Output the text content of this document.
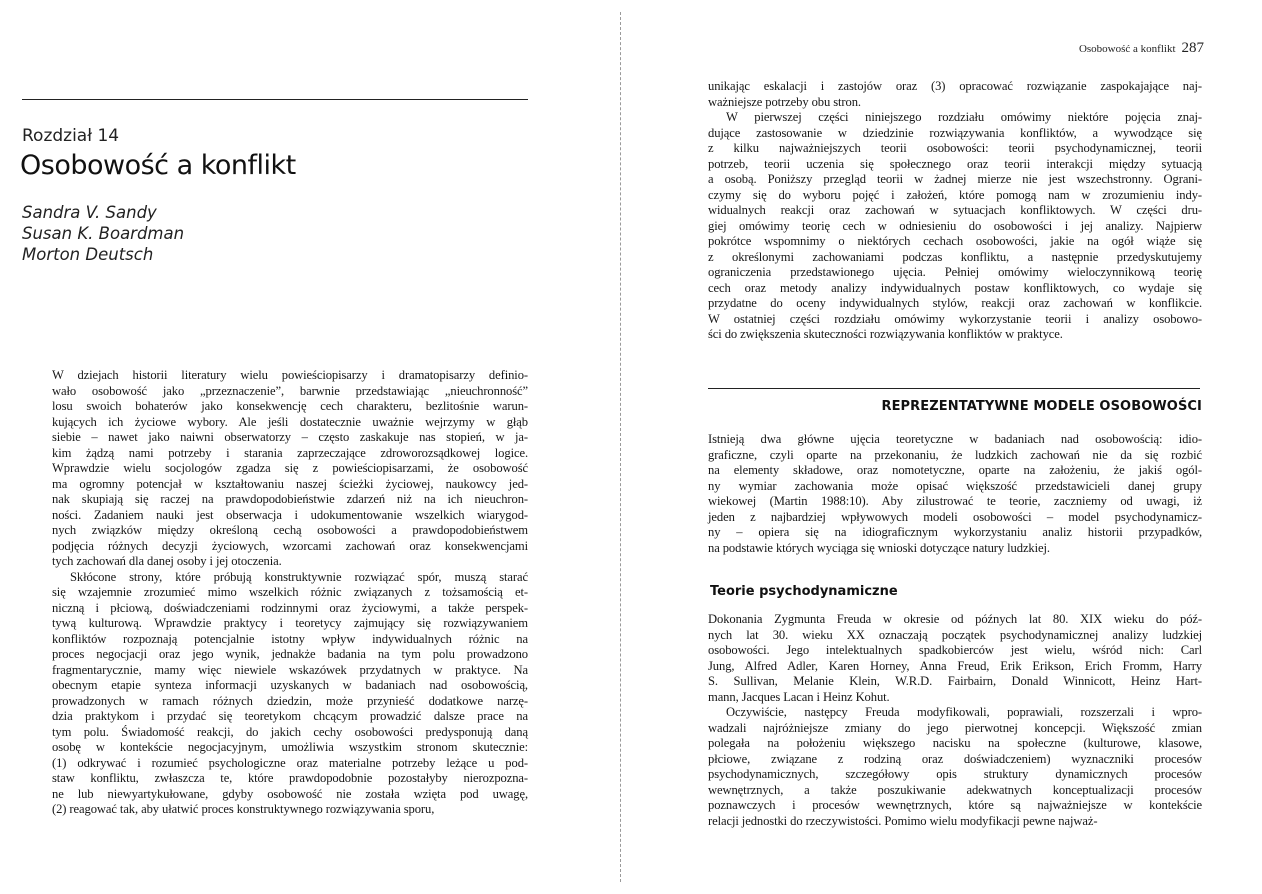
Rozdział 14
Osobowość a konflikt
Sandra V. Sandy
Susan K. Boardman
Morton Deutsch
W dziejach historii literatury wielu powieściopisarzy i dramatopisarzy definio-
wało osobowość jako „przeznaczenie”, barwnie przedstawiając „nieuchronność”
losu swoich bohaterów jako konsekwencję cech charakteru, bezlitośnie warun-
kujących ich życiowe wybory. Ale jeśli dostatecznie uważnie wejrzymy w głąb
siebie – nawet jako naiwni obserwatorzy – często zaskakuje nas stopień, w ja-
kim żądzą nami potrzeby i starania zaprzeczające zdroworozsądkowej logice.
Wprawdzie wielu socjologów zgadza się z powieściopisarzami, że osobowość
ma ogromny potencjał w kształtowaniu naszej ścieżki życiowej, naukowcy jed-
nak skupiają się raczej na prawdopodobieństwie zdarzeń niż na ich nieuchron-
ności. Zadaniem nauki jest obserwacja i udokumentowanie wszelkich wiarygod-
nych związków między określoną cechą osobowości a prawdopodobieństwem
podjęcia różnych decyzji życiowych, wzorcami zachowań oraz konsekwencjami
tych zachowań dla danej osoby i jej otoczenia.
Skłócone strony, które próbują konstruktywnie rozwiązać spór, muszą starać
się wzajemnie zrozumieć mimo wszelkich różnic związanych z tożsamością et-
niczną i płciową, doświadczeniami rodzinnymi oraz życiowymi, a także perspek-
tywą kulturową. Wprawdzie praktycy i teoretycy zajmujący się rozwiązywaniem
konfliktów rozpoznają potencjalnie istotny wpływ indywidualnych różnic na
proces negocjacji oraz jego wynik, jednakże badania na tym polu prowadzono
fragmentarycznie, mamy więc niewiele wskazówek przydatnych w praktyce. Na
obecnym etapie synteza informacji uzyskanych w badaniach nad osobowością,
prowadzonych w ramach różnych dziedzin, może przynieść dodatkowe narzę-
dzia praktykom i przydać się teoretykom chcącym prowadzić dalsze prace na
tym polu. Świadomość reakcji, do jakich cechy osobowości predysponują daną
osobę w kontekście negocjacyjnym, umożliwia wszystkim stronom skutecznie:
(1) odkrywać i rozumieć psychologiczne oraz materialne potrzeby leżące u pod-
staw konfliktu, zwłaszcza te, które prawdopodobnie pozostałyby nierozpozna-
ne lub niewyartykułowane, gdyby osobowość nie została wzięta pod uwagę,
(2) reagować tak, aby ułatwić proces konstruktywnego rozwiązywania sporu,
Osobowość a konflikt 287
unikając eskalacji i zastojów oraz (3) opracować rozwiązanie zaspokajające naj-
ważniejsze potrzeby obu stron.
W pierwszej części niniejszego rozdziału omówimy niektóre pojęcia znaj-
dujące zastosowanie w dziedzinie rozwiązywania konfliktów, a wywodzące się
z kilku najważniejszych teorii osobowości: teorii psychodynamicznej, teorii
potrzeb, teorii uczenia się społecznego oraz teorii interakcji między sytuacją
a osobą. Poniższy przegląd teorii w żadnej mierze nie jest wszechstronny. Ograni-
czymy się do wyboru pojęć i założeń, które pomogą nam w zrozumieniu indy-
widualnych reakcji oraz zachowań w sytuacjach konfliktowych. W części dru-
giej omówimy teorię cech w odniesieniu do osobowości i jej analizy. Najpierw
pokrótce wspomnimy o niektórych cechach osobowości, jakie na ogół wiąże się
z określonymi zachowaniami podczas konfliktu, a następnie przedyskutujemy
ograniczenia przedstawionego ujęcia. Pełniej omówimy wieloczynnikową teorię
cech oraz metody analizy indywidualnych postaw konfliktowych, co wydaje się
przydatne do oceny indywidualnych stylów, reakcji oraz zachowań w konflikcie.
W ostatniej części rozdziału omówimy wykorzystanie teorii i analizy osobowo-
ści do zwiększenia skuteczności rozwiązywania konfliktów w praktyce.
REPREZENTATYWNE MODELE OSOBOWOŚCI
Istnieją dwa główne ujęcia teoretyczne w badaniach nad osobowością: idio-
graficzne, czyli oparte na przekonaniu, że ludzkich zachowań nie da się rozbić
na elementy składowe, oraz nomotetyczne, oparte na założeniu, że jakiś ogól-
ny wymiar zachowania może opisać większość przedstawicieli danej grupy
wiekowej (Martin 1988:10). Aby zilustrować te teorie, zaczniemy od uwagi, iż
jeden z najbardziej wpływowych modeli osobowości – model psychodynamicz-
ny – opiera się na idiograficznym wykorzystaniu analiz historii przypadków,
na podstawie których wyciąga się wnioski dotyczące natury ludzkiej.
Teorie psychodynamiczne
Dokonania Zygmunta Freuda w okresie od późnych lat 80. XIX wieku do póź-
nych lat 30. wieku XX oznaczają początek psychodynamicznej analizy ludzkiej
osobowości. Jego intelektualnych spadkobierców jest wielu, wśród nich: Carl
Jung, Alfred Adler, Karen Horney, Anna Freud, Erik Erikson, Erich Fromm, Harry
S. Sullivan, Melanie Klein, W.R.D. Fairbairn, Donald Winnicott, Heinz Hart-
mann, Jacques Lacan i Heinz Kohut.
Oczywiście, następcy Freuda modyfikowali, poprawiali, rozszerzali i wpro-
wadzali najróżniejsze zmiany do jego pierwotnej koncepcji. Większość zmian
polegała na położeniu większego nacisku na społeczne (kulturowe, klasowe,
płciowe, związane z rodziną oraz doświadczeniem) wyznaczniki procesów
psychodynamicznych, szczegółowy opis struktury dynamicznych procesów
wewnętrznych, a także poszukiwanie adekwatnych konceptualizacji procesów
poznawczych i procesów wewnętrznych, które są najważniejsze w kontekście
relacji jednostki do rzeczywistości. Pomimo wielu modyfikacji pewne najważ-
